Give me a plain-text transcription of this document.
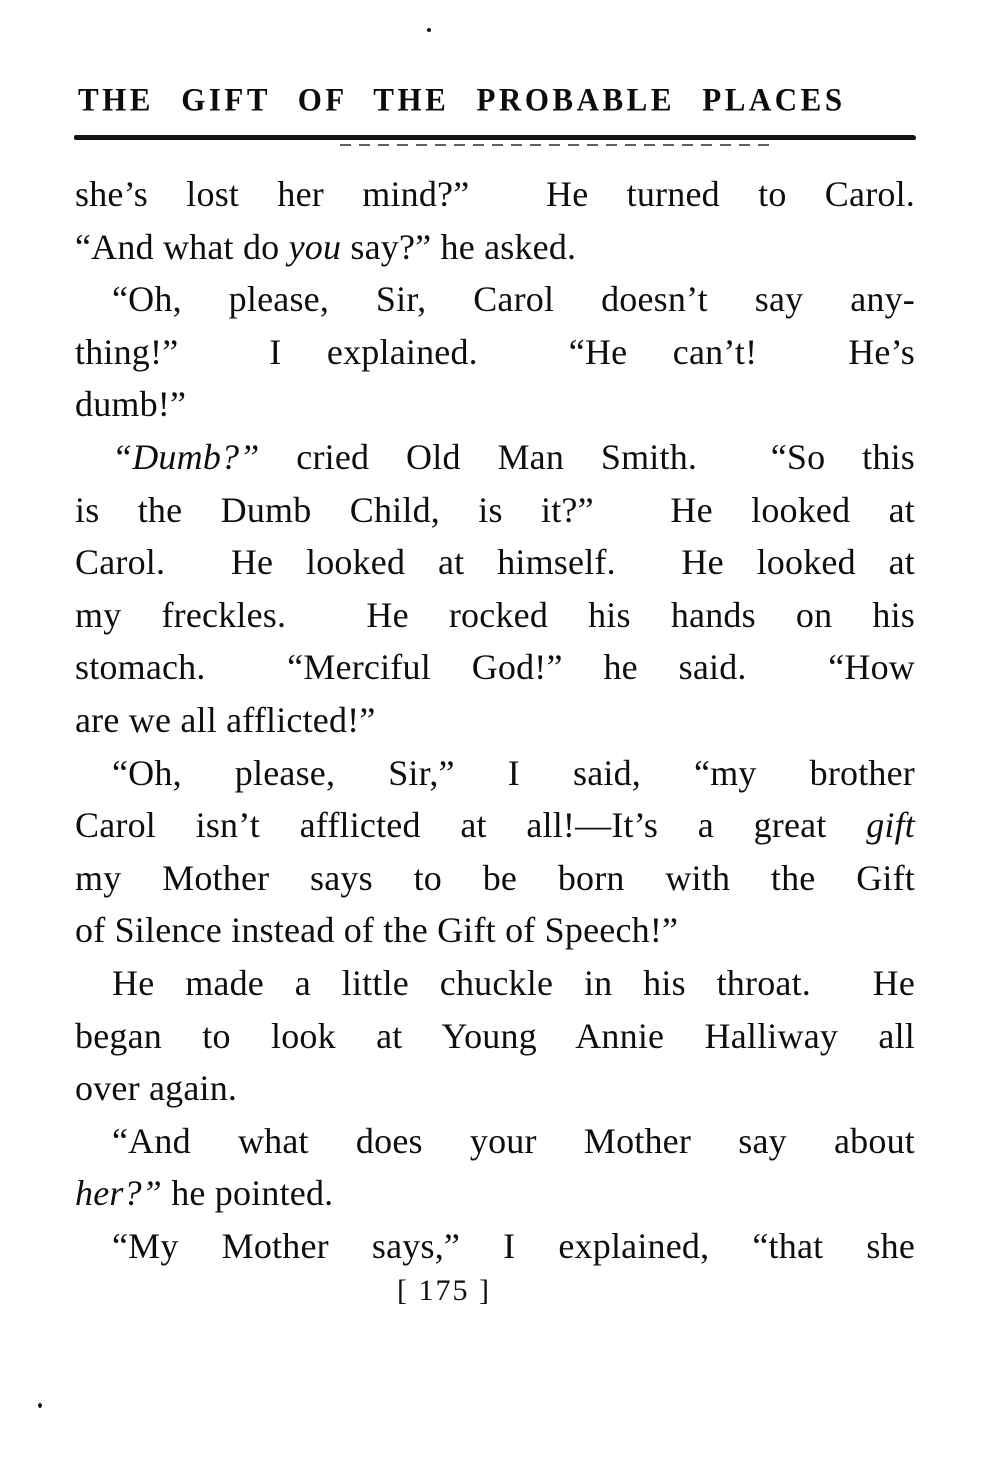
THE GIFT OF THE PROBABLE PLACES
she’s lost her mind?”  He turned to Carol.
“And what do you say?” he asked.
“Oh, please, Sir, Carol doesn’t say any-
thing!”  I explained.  “He can’t!  He’s
dumb!”
“Dumb?” cried Old Man Smith.  “So this
is the Dumb Child, is it?”  He looked at
Carol.  He looked at himself.  He looked at
my freckles.  He rocked his hands on his
stomach.  “Merciful God!” he said.  “How
are we all afflicted!”
“Oh, please, Sir,” I said, “my brother
Carol isn’t afflicted at all!—It’s a great gift
my Mother says to be born with the Gift
of Silence instead of the Gift of Speech!”
He made a little chuckle in his throat.  He
began to look at Young Annie Halliway all
over again.
“And what does your Mother say about
her?” he pointed.
“My Mother says,” I explained, “that she
[ 175 ]
